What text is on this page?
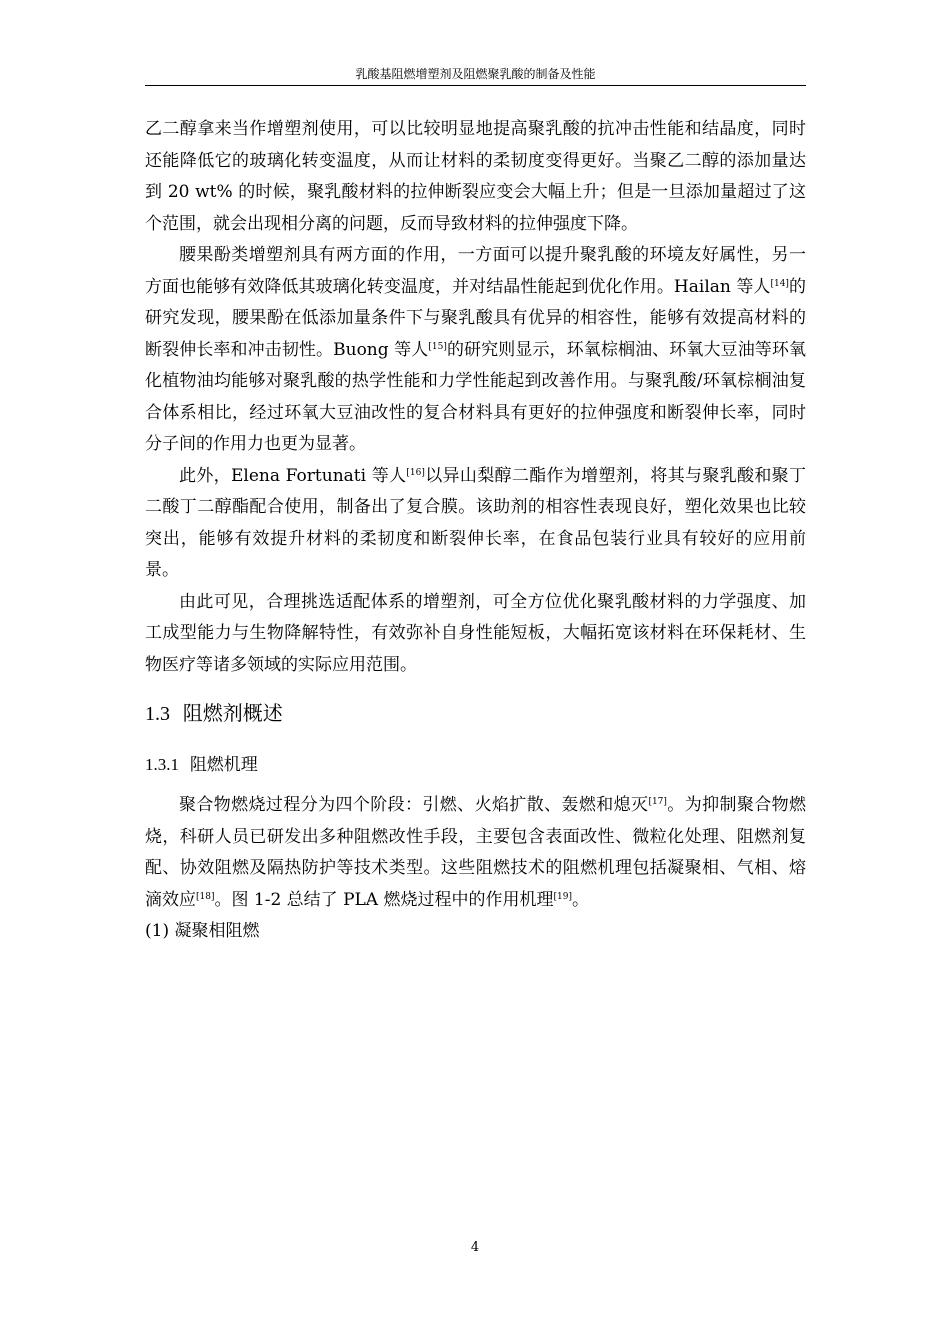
乳酸基阻燃增塑剂及阻燃聚乳酸的制备及性能

乙二醇拿来当作增塑剂使用，可以比较明显地提高聚乳酸的抗冲击性能和结晶度，同时还能降低它的玻璃化转变温度，从而让材料的柔韧度变得更好。当聚乙二醇的添加量达到 20 wt% 的时候，聚乳酸材料的拉伸断裂应变会大幅上升；但是一旦添加量超过了这个范围，就会出现相分离的问题，反而导致材料的拉伸强度下降。

腰果酚类增塑剂具有两方面的作用，一方面可以提升聚乳酸的环境友好属性，另一方面也能够有效降低其玻璃化转变温度，并对结晶性能起到优化作用。Hailan 等人[14]的研究发现，腰果酚在低添加量条件下与聚乳酸具有优异的相容性，能够有效提高材料的断裂伸长率和冲击韧性。Buong 等人[15]的研究则显示，环氧棕榈油、环氧大豆油等环氧化植物油均能够对聚乳酸的热学性能和力学性能起到改善作用。与聚乳酸/环氧棕榈油复合体系相比，经过环氧大豆油改性的复合材料具有更好的拉伸强度和断裂伸长率，同时分子间的作用力也更为显著。

此外，Elena Fortunati 等人[16]以异山梨醇二酯作为增塑剂，将其与聚乳酸和聚丁二酸丁二醇酯配合使用，制备出了复合膜。该助剂的相容性表现良好，塑化效果也比较突出，能够有效提升材料的柔韧度和断裂伸长率，在食品包装行业具有较好的应用前景。

由此可见，合理挑选适配体系的增塑剂，可全方位优化聚乳酸材料的力学强度、加工成型能力与生物降解特性，有效弥补自身性能短板，大幅拓宽该材料在环保耗材、生物医疗等诸多领域的实际应用范围。

1.3 阻燃剂概述
1.3.1 阻燃机理

聚合物燃烧过程分为四个阶段：引燃、火焰扩散、轰燃和熄灭[17]。为抑制聚合物燃烧，科研人员已研发出多种阻燃改性手段，主要包含表面改性、微粒化处理、阻燃剂复配、协效阻燃及隔热防护等技术类型。这些阻燃技术的阻燃机理包括凝聚相、气相、熔滴效应[18]。图 1-2 总结了 PLA 燃烧过程中的作用机理[19]。

(1) 凝聚相阻燃

4
